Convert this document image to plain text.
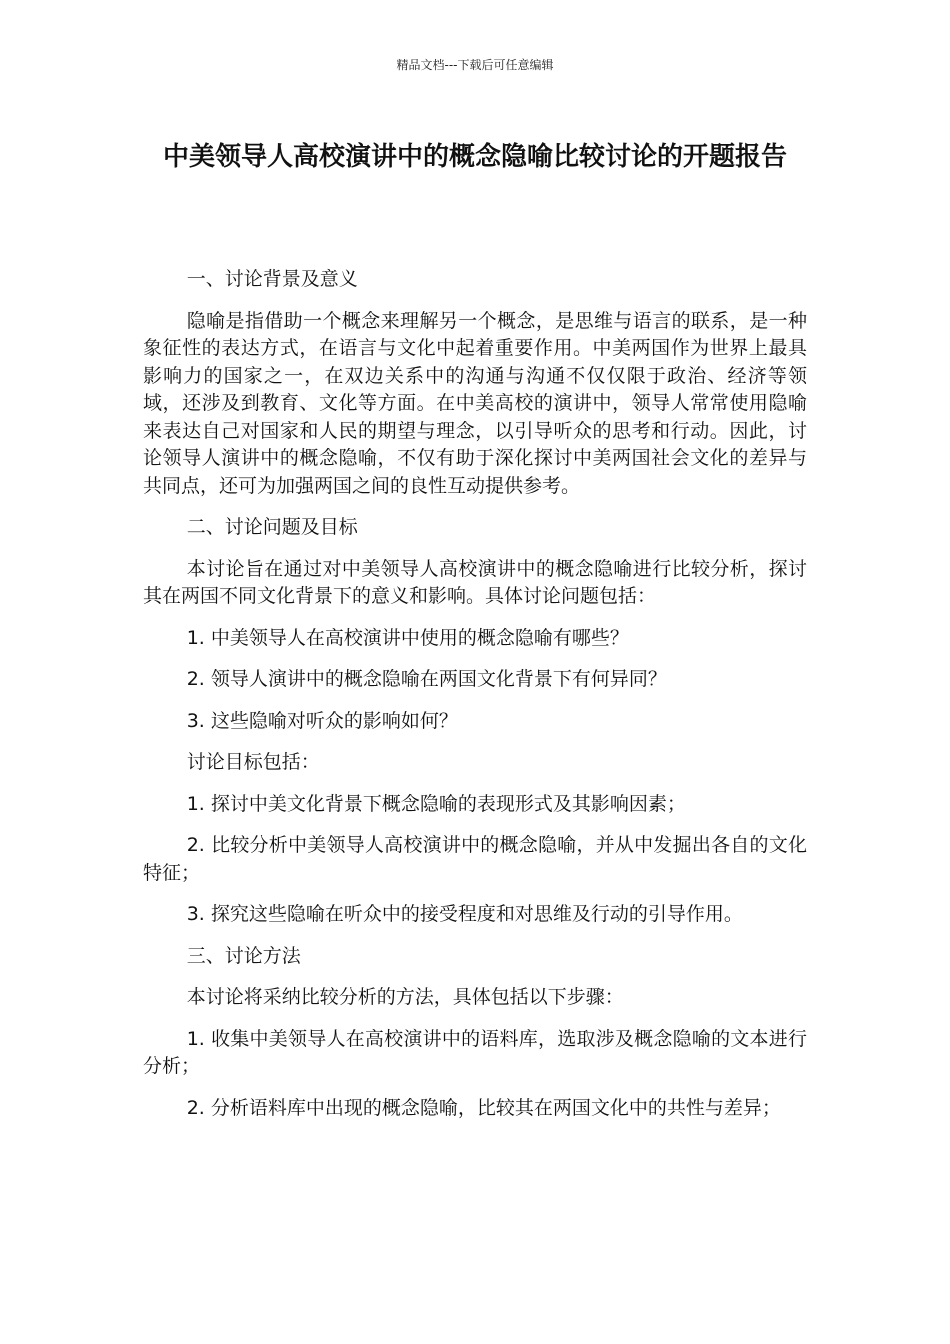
精品文档---下载后可任意编辑
中美领导人高校演讲中的概念隐喻比较讨论的开题报告

一、讨论背景及意义

隐喻是指借助一个概念来理解另一个概念，是思维与语言的联系，是一种象征性的表达方式，在语言与文化中起着重要作用。中美两国作为世界上最具影响力的国家之一，在双边关系中的沟通与沟通不仅仅限于政治、经济等领域，还涉及到教育、文化等方面。在中美高校的演讲中，领导人常常使用隐喻来表达自己对国家和人民的期望与理念，以引导听众的思考和行动。因此，讨论领导人演讲中的概念隐喻，不仅有助于深化探讨中美两国社会文化的差异与共同点，还可为加强两国之间的良性互动提供参考。

二、讨论问题及目标

本讨论旨在通过对中美领导人高校演讲中的概念隐喻进行比较分析，探讨其在两国不同文化背景下的意义和影响。具体讨论问题包括：

1. 中美领导人在高校演讲中使用的概念隐喻有哪些？

2. 领导人演讲中的概念隐喻在两国文化背景下有何异同？

3. 这些隐喻对听众的影响如何？

讨论目标包括：

1. 探讨中美文化背景下概念隐喻的表现形式及其影响因素；

2. 比较分析中美领导人高校演讲中的概念隐喻，并从中发掘出各自的文化特征；

3. 探究这些隐喻在听众中的接受程度和对思维及行动的引导作用。

三、讨论方法

本讨论将采纳比较分析的方法，具体包括以下步骤：

1. 收集中美领导人在高校演讲中的语料库，选取涉及概念隐喻的文本进行分析；

2. 分析语料库中出现的概念隐喻，比较其在两国文化中的共性与差异；
